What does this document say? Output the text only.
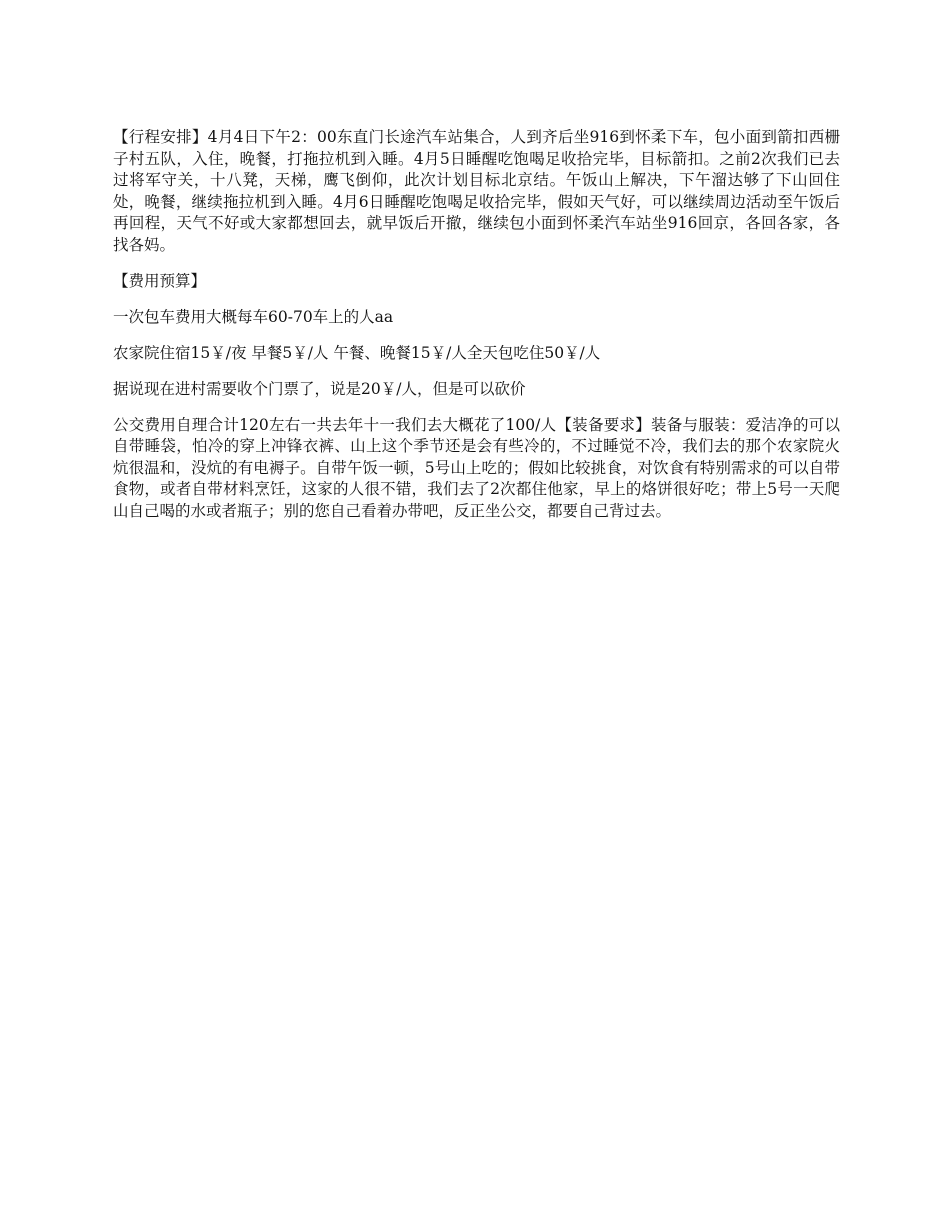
【行程安排】4月4日下午2：00东直门长途汽车站集合，人到齐后坐916到怀柔下车，包小面到箭扣西栅子村五队，入住，晚餐，打拖拉机到入睡。4月5日睡醒吃饱喝足收拾完毕，目标箭扣。之前2次我们已去过将军守关，十八凳，天梯，鹰飞倒仰，此次计划目标北京结。午饭山上解决，下午溜达够了下山回住处，晚餐，继续拖拉机到入睡。4月6日睡醒吃饱喝足收拾完毕，假如天气好，可以继续周边活动至午饭后再回程，天气不好或大家都想回去，就早饭后开撤，继续包小面到怀柔汽车站坐916回京，各回各家，各找各妈。

【费用预算】

一次包车费用大概每车60-70车上的人aa

农家院住宿15￥/夜 早餐5￥/人 午餐、晚餐15￥/人全天包吃住50￥/人

据说现在进村需要收个门票了，说是20￥/人，但是可以砍价

公交费用自理合计120左右一共去年十一我们去大概花了100/人【装备要求】装备与服装：爱洁净的可以自带睡袋，怕冷的穿上冲锋衣裤、山上这个季节还是会有些冷的，不过睡觉不冷，我们去的那个农家院火炕很温和，没炕的有电褥子。自带午饭一顿，5号山上吃的；假如比较挑食，对饮食有特别需求的可以自带食物，或者自带材料烹饪，这家的人很不错，我们去了2次都住他家，早上的烙饼很好吃；带上5号一天爬山自己喝的水或者瓶子；别的您自己看着办带吧，反正坐公交，都要自己背过去。
